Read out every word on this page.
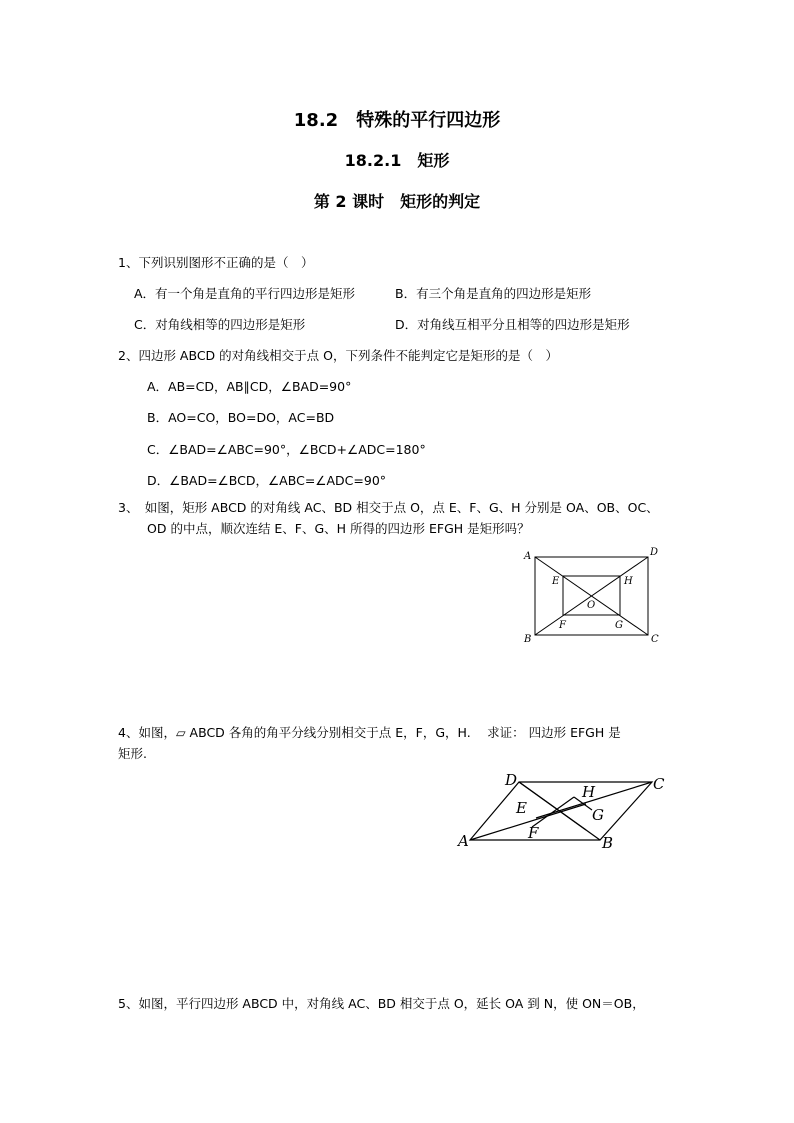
18.2　特殊的平行四边形
18.2.1　矩形
第 2 课时　矩形的判定
1、下列识别图形不正确的是（　）
A．有一个角是直角的平行四边形是矩形	B．有三个角是直角的四边形是矩形
C．对角线相等的四边形是矩形	D．对角线互相平分且相等的四边形是矩形
2、四边形 ABCD 的对角线相交于点 O，下列条件不能判定它是矩形的是（　）
A．AB=CD，AB∥CD，∠BAD=90°
B．AO=CO，BO=DO，AC=BD
C．∠BAD=∠ABC=90°，∠BCD+∠ADC=180°
D．∠BAD=∠BCD，∠ABC=∠ADC=90°
3、　如图，矩形 ABCD 的对角线 AC、BD 相交于点 O，点 E、F、G、H 分别是 OA、OB、OC、
OD 的中点，顺次连结 E、F、G、H 所得的四边形 EFGH 是矩形吗？
A
B	C
D
E
F	G
H
O
4、如图，▱ ABCD 各角的角平分线分别相交于点 E，F，G，H.　 求证： 四边形 EFGH 是
矩形.
A	B
C
D
E
F
G
H
5、如图，平行四边形 ABCD 中，对角线 AC、BD 相交于点 O，延长 OA 到 N，使 ON＝OB，
